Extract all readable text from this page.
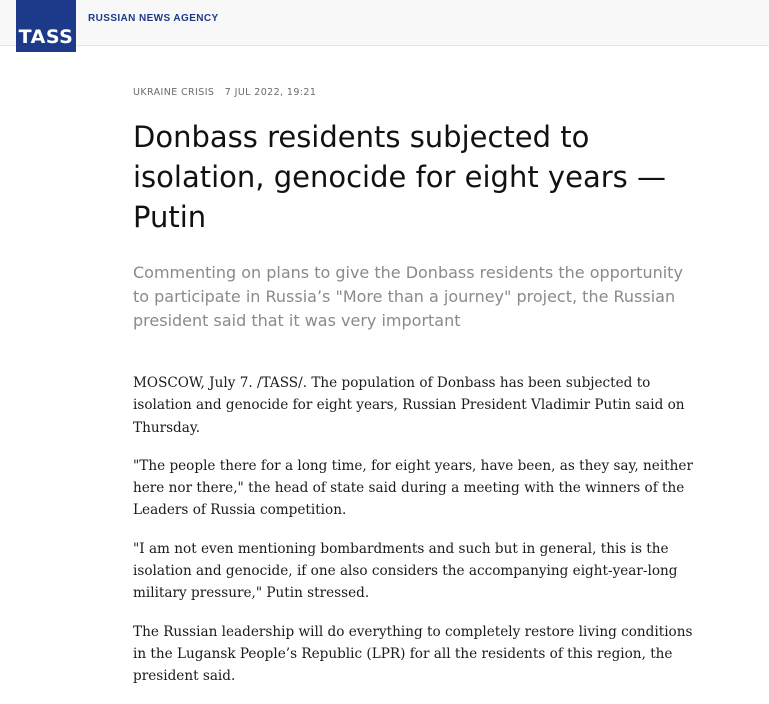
TASS
RUSSIAN NEWS AGENCY
UKRAINE CRISIS 7 JUL 2022, 19:21
Donbass residents subjected to isolation, genocide for eight years — Putin

Commenting on plans to give the Donbass residents the opportunity to participate in Russia’s "More than a journey" project, the Russian president said that it was very important

MOSCOW, July 7. /TASS/. The population of Donbass has been subjected to isolation and genocide for eight years, Russian President Vladimir Putin said on Thursday.

"The people there for a long time, for eight years, have been, as they say, neither here nor there," the head of state said during a meeting with the winners of the Leaders of Russia competition.

"I am not even mentioning bombardments and such but in general, this is the isolation and genocide, if one also considers the accompanying eight-year-long military pressure," Putin stressed.

The Russian leadership will do everything to completely restore living conditions in the Lugansk People’s Republic (LPR) for all the residents of this region, the president said.
